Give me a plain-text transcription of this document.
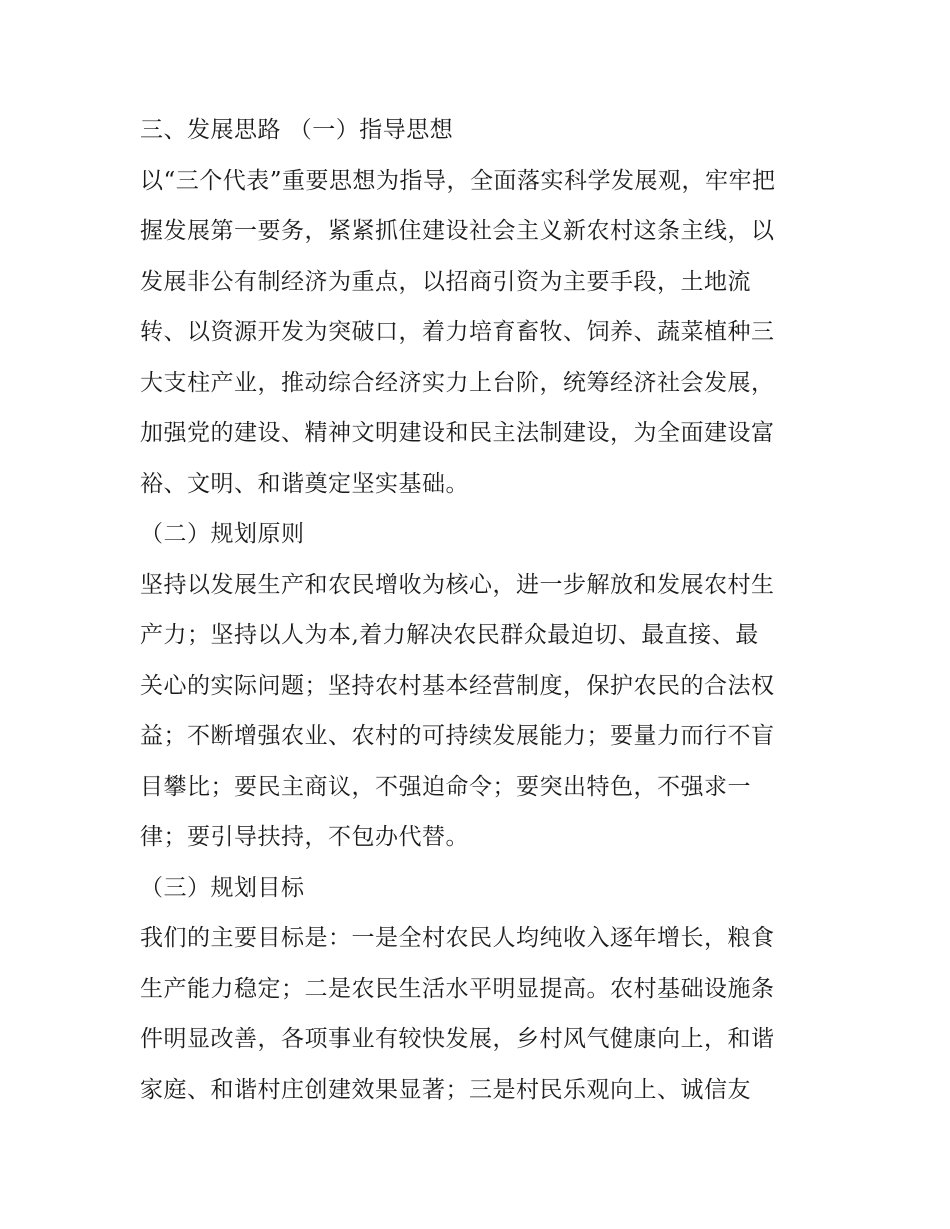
三、发展思路 （一）指导思想
以“三个代表”重要思想为指导，全面落实科学发展观，牢牢把
握发展第一要务，紧紧抓住建设社会主义新农村这条主线，以
发展非公有制经济为重点，以招商引资为主要手段，土地流
转、以资源开发为突破口，着力培育畜牧、饲养、蔬菜植种三
大支柱产业，推动综合经济实力上台阶，统筹经济社会发展，
加强党的建设、精神文明建设和民主法制建设，为全面建设富
裕、文明、和谐奠定坚实基础。
（二）规划原则
坚持以发展生产和农民增收为核心，进一步解放和发展农村生
产力；坚持以人为本,着力解决农民群众最迫切、最直接、最
关心的实际问题；坚持农村基本经营制度，保护农民的合法权
益；不断增强农业、农村的可持续发展能力；要量力而行不盲
目攀比；要民主商议，不强迫命令；要突出特色，不强求一
律；要引导扶持，不包办代替。
（三）规划目标
我们的主要目标是：一是全村农民人均纯收入逐年增长，粮食
生产能力稳定；二是农民生活水平明显提高。农村基础设施条
件明显改善，各项事业有较快发展，乡村风气健康向上，和谐
家庭、和谐村庄创建效果显著；三是村民乐观向上、诚信友
